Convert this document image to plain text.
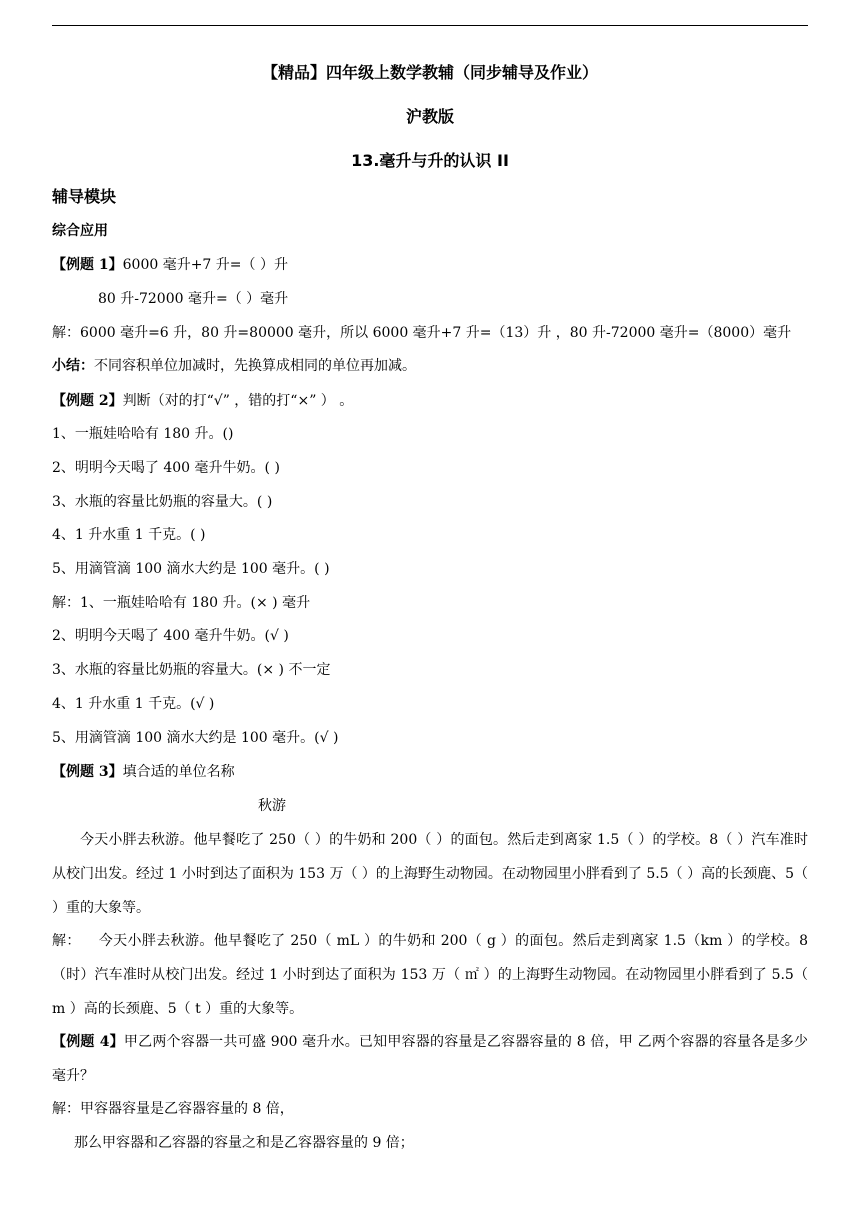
【精品】四年级上数学教辅（同步辅导及作业）
沪教版
13.毫升与升的认识 II
辅导模块
综合应用
【例题 1】6000 毫升+7 升=（ ）升
80 升-72000 毫升=（ ）毫升
解：6000 毫升=6 升，80 升=80000 毫升，所以 6000 毫升+7 升=（13）升 ，80 升-72000 毫升=（8000）毫升
小结：不同容积单位加减时，先换算成相同的单位再加减。
【例题 2】判断（对的打“√” ，错的打“×” ） 。
1、一瓶娃哈哈有 180 升。()
2、明明今天喝了 400 毫升牛奶。( )
3、水瓶的容量比奶瓶的容量大。( )
4、1 升水重 1 千克。( )
5、用滴管滴 100 滴水大约是 100 毫升。( )
解：1、一瓶娃哈哈有 180 升。(× ) 毫升
2、明明今天喝了 400 毫升牛奶。(√ )
3、水瓶的容量比奶瓶的容量大。(× ) 不一定
4、1 升水重 1 千克。(√ )
5、用滴管滴 100 滴水大约是 100 毫升。(√ )
【例题 3】填合适的单位名称
秋游
今天小胖去秋游。他早餐吃了 250（ ）的牛奶和 200（ ）的面包。然后走到离家 1.5（ ）的学校。8（ ）汽车准时从校门出发。经过 1 小时到达了面积为 153 万（ ）的上海野生动物园。在动物园里小胖看到了 5.5（ ）高的长颈鹿、5（ ）重的大象等。
解： 今天小胖去秋游。他早餐吃了 250（ mL ）的牛奶和 200（ g ）的面包。然后走到离家 1.5（km ）的学校。8（时）汽车准时从校门出发。经过 1 小时到达了面积为 153 万（ ㎡ ）的上海野生动物园。在动物园里小胖看到了 5.5（ m ）高的长颈鹿、5（ t ）重的大象等。
【例题 4】甲乙两个容器一共可盛 900 毫升水。已知甲容器的容量是乙容器容量的 8 倍，甲 乙两个容器的容量各是多少毫升？
解：甲容器容量是乙容器容量的 8 倍，
那么甲容器和乙容器的容量之和是乙容器容量的 9 倍；
